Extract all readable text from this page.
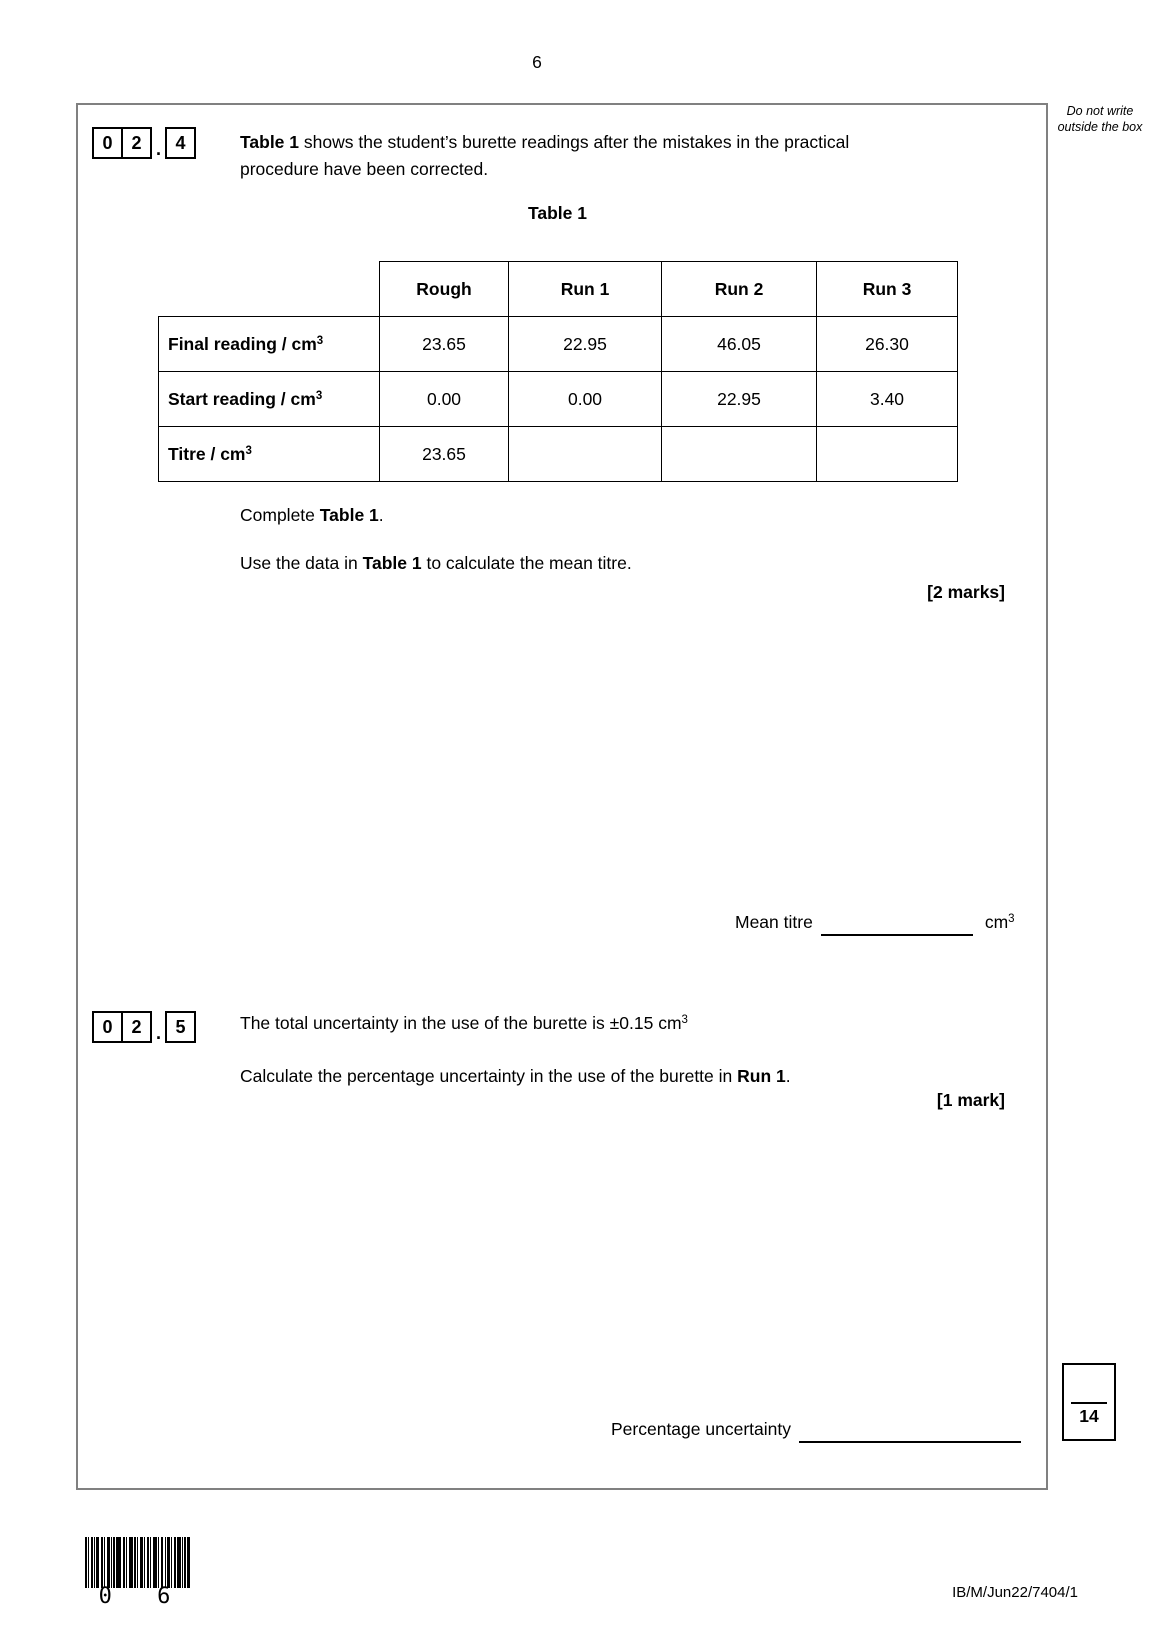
6
Do not write outside the box
0	2 . 4	Table 1 shows the student’s burette readings after the mistakes in the practical
procedure have been corrected.
Table 1
	Rough	Run 1	Run 2	Run 3
Final reading / $cm^3$	23.65	22.95	46.05	26.30
Start reading / $cm^3$	0.00	0.00	22.95	3.40
Titre / $cm^3$	23.65			
Complete Table 1.
Use the data in Table 1 to calculate the mean titre.
[2 marks]
Mean titre	$cm^3$
0	2 . 5	The total uncertainty in the use of the burette is ±0.15 $cm^3$
Calculate the percentage uncertainty in the use of the burette in Run 1.
[1 mark]
Percentage uncertainty
14
0 6	IB/M/Jun22/7404/1
